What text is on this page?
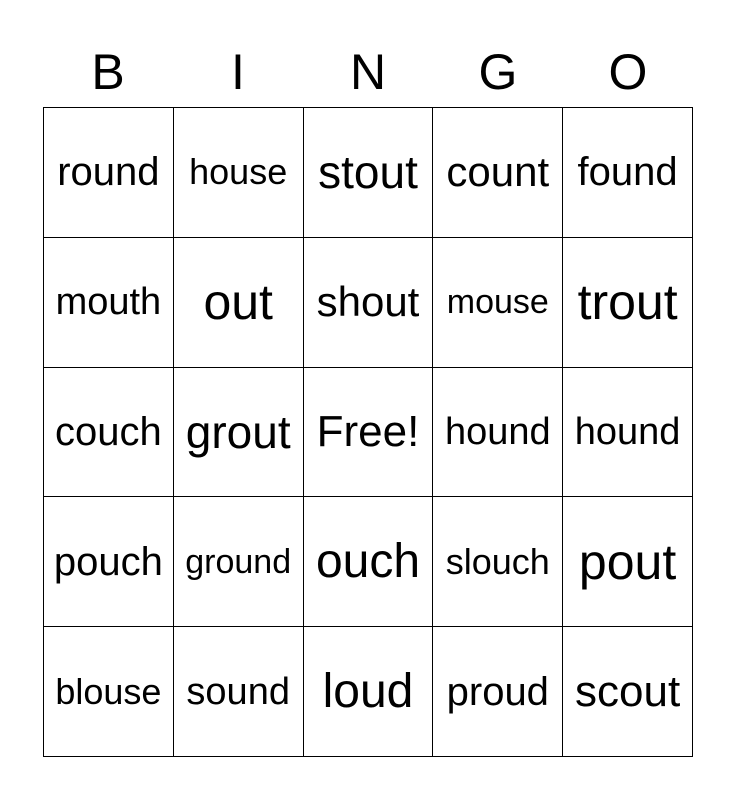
B	I	N	G	O
round house stout count found
mouth out shout mouse trout
couch grout Free! hound hound
pouch ground ouch slouch pout
blouse sound loud proud scout
